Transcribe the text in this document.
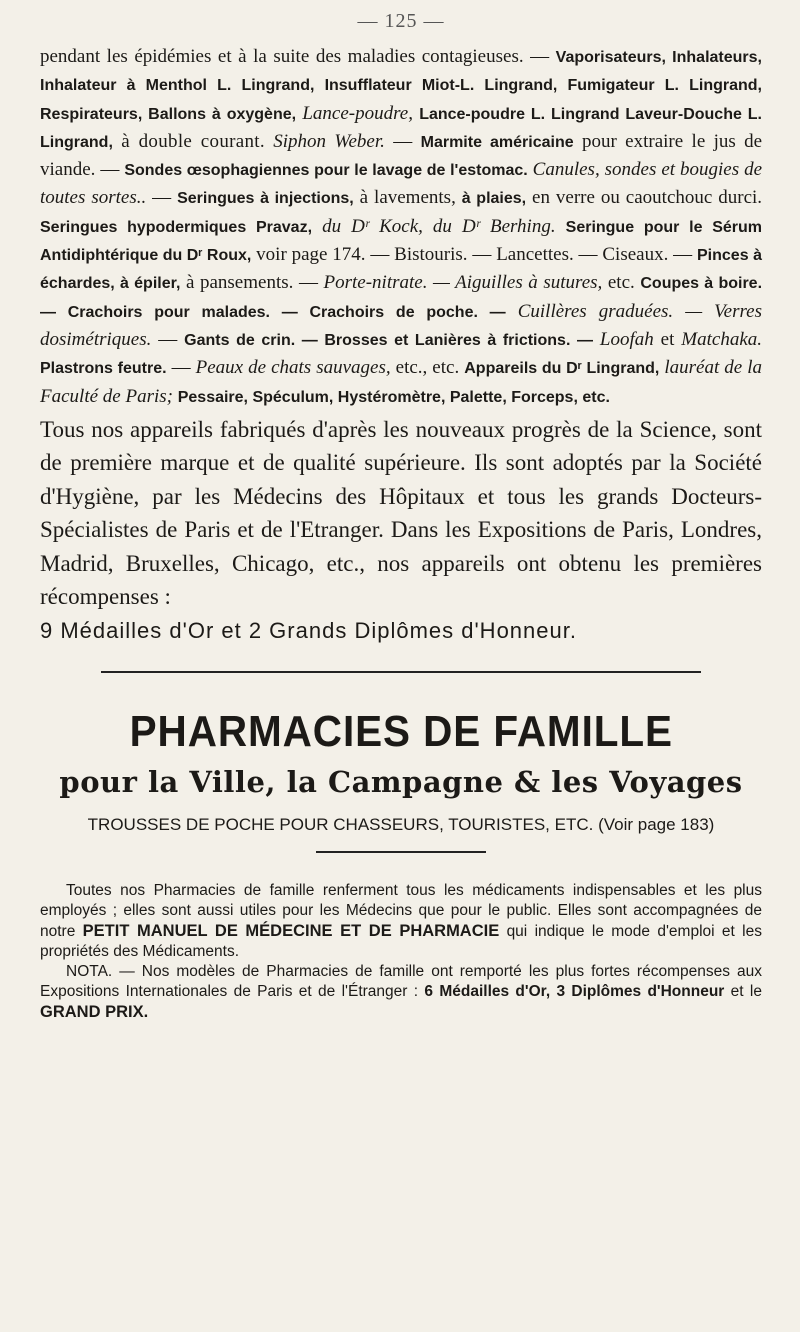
— 125 —

pendant les épidémies et à la suite des maladies contagieuses. — Vaporisateurs, Inhalateurs, Inhalateur à Menthol L. Lingrand, Insufflateur Miot-L. Lingrand, Fumigateur L. Lingrand, Respirateurs, Ballons à oxygène, Lance-poudre, Lance-poudre L. Lingrand Laveur-Douche L. Lingrand, à double courant. Siphon Weber. — Marmite américaine pour extraire le jus de viande. — Sondes œsophagiennes pour le lavage de l'estomac. Canules, sondes et bougies de toutes sortes.. — Seringues à injections, à lavements, à plaies, en verre ou caoutchouc durci. Seringues hypodermiques Pravaz, du Dʳ Kock, du Dʳ Berhing. Seringue pour le Sérum Antidiphtérique du Dʳ Roux, voir page 174. — Bistouris. — Lancettes. — Ciseaux. — Pinces à échardes, à épiler, à pansements. — Porte-nitrate. — Aiguilles à sutures, etc. Coupes à boire. — Crachoirs pour malades. — Crachoirs de poche. — Cuillères graduées. — Verres dosimétriques. — Gants de crin. — Brosses et Lanières à frictions. — Loofah et Matchaka. Plastrons feutre. — Peaux de chats sauvages, etc., etc. Appareils du Dʳ Lingrand, lauréat de la Faculté de Paris; Pessaire, Spéculum, Hystéromètre, Palette, Forceps, etc.

Tous nos appareils fabriqués d'après les nouveaux progrès de la Science, sont de première marque et de qualité supérieure. Ils sont adoptés par la Société d'Hygiène, par les Médecins des Hôpitaux et tous les grands Docteurs-Spécialistes de Paris et de l'Etranger. Dans les Expositions de Paris, Londres, Madrid, Bruxelles, Chicago, etc., nos appareils ont obtenu les premières récompenses :
9 Médailles d'Or et 2 Grands Diplômes d'Honneur.

PHARMACIES DE FAMILLE
pour la Ville, la Campagne & les Voyages
TROUSSES DE POCHE POUR CHASSEURS, TOURISTES, ETC. (Voir page 183)

Toutes nos Pharmacies de famille renferment tous les médicaments indispensables et les plus employés ; elles sont aussi utiles pour les Médecins que pour le public. Elles sont accompagnées de notre PETIT MANUEL DE MÉDECINE ET DE PHARMACIE qui indique le mode d'emploi et les propriétés des Médicaments.

NOTA. — Nos modèles de Pharmacies de famille ont remporté les plus fortes récompenses aux Expositions Internationales de Paris et de l'Étranger : 6 Médailles d'Or, 3 Diplômes d'Honneur et le GRAND PRIX.
